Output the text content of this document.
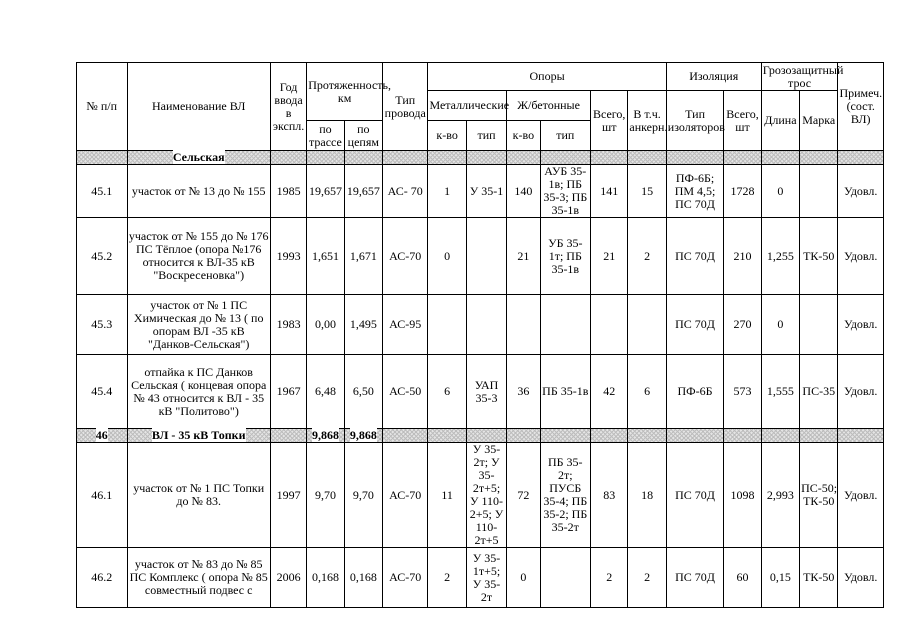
№ п/п	Наименование ВЛ	Год ввода в экспл.	Протяженность, км		Тип провода	Опоры						Изоляция		Грозозащитный трос		Примеч. (сост. ВЛ)
						Металлические		Ж/бетонные		Всего, шт	В т.ч. анкерн.	Тип изоляторов	Всего, шт	Длина	Марка	
			по трассе	по цепям		к-во	тип	к-во	тип							
	Сельская															
45.1	участок от № 13 до № 155	1985	19,657	19,657	АС- 70	1	У 35-1	140	АУБ 35-1в; ПБ 35-3; ПБ 35-1в	141	15	ПФ-6Б; ПМ 4,5; ПС 70Д	1728	0		Удовл.
45.2	участок от № 155 до № 176 ПС Тёплое (опора №176 относится к ВЛ-35 кВ "Воскресеновка")	1993	1,651	1,671	АС-70	0		21	УБ 35-1т; ПБ 35-1в	21	2	ПС 70Д	210	1,255	ТК-50	Удовл.
45.3	участок от № 1 ПС Химическая до № 13 ( по опорам ВЛ -35 кВ "Данков-Сельская")	1983	0,00	1,495	АС-95							ПС 70Д	270	0		Удовл.
45.4	отпайка к ПС Данков Сельская ( концевая опора № 43 относится к ВЛ - 35 кВ "Политово")	1967	6,48	6,50	АС-50	6	УАП 35-3	36	ПБ 35-1в	42	6	ПФ-6Б	573	1,555	ПС-35	Удовл.
46	ВЛ - 35 кВ Топки		9,868	9,868												
46.1	участок от № 1 ПС Топки до № 83.	1997	9,70	9,70	АС-70	11	У 35-2т; У 35-2т+5; У 110-2+5; У 110-2т+5	72	ПБ 35-2т; ПУСБ 35-4; ПБ 35-2; ПБ 35-2т	83	18	ПС 70Д	1098	2,993	ПС-50; ТК-50	Удовл.
46.2	участок от № 83 до № 85 ПС Комплекс ( опора № 85 совместный подвес с	2006	0,168	0,168	АС-70	2	У 35-1т+5; У 35-2т	0		2	2	ПС 70Д	60	0,15	ТК-50	Удовл.
